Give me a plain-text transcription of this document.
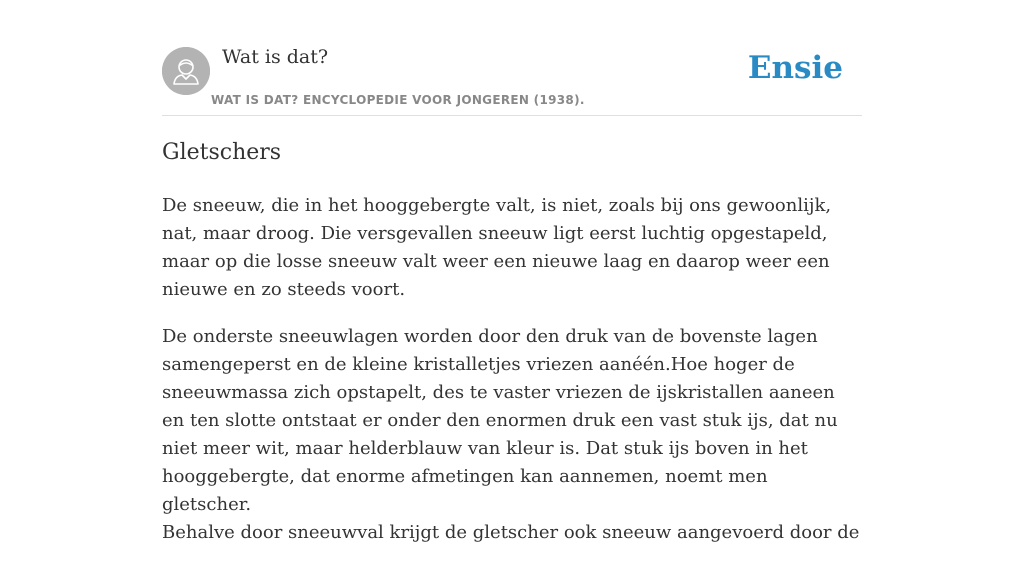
Wat is dat?
WAT IS DAT? ENCYCLOPEDIE VOOR JONGEREN (1938).
Ensie
Gletschers

De sneeuw, die in het hooggebergte valt, is niet, zoals bij ons gewoonlijk, nat, maar droog. Die versgevallen sneeuw ligt eerst luchtig opgestapeld, maar op die losse sneeuw valt weer een nieuwe laag en daarop weer een nieuwe en zo steeds voort.

De onderste sneeuwlagen worden door den druk van de bovenste lagen samengeperst en de kleine kristalletjes vriezen aanéén.Hoe hoger de sneeuwmassa zich opstapelt, des te vaster vriezen de ijskristallen aaneen en ten slotte ontstaat er onder den enormen druk een vast stuk ijs, dat nu niet meer wit, maar helderblauw van kleur is. Dat stuk ijs boven in het hooggebergte, dat enorme afmetingen kan aannemen, noemt men gletscher.

Behalve door sneeuwval krijgt de gletscher ook sneeuw aangevoerd door de
